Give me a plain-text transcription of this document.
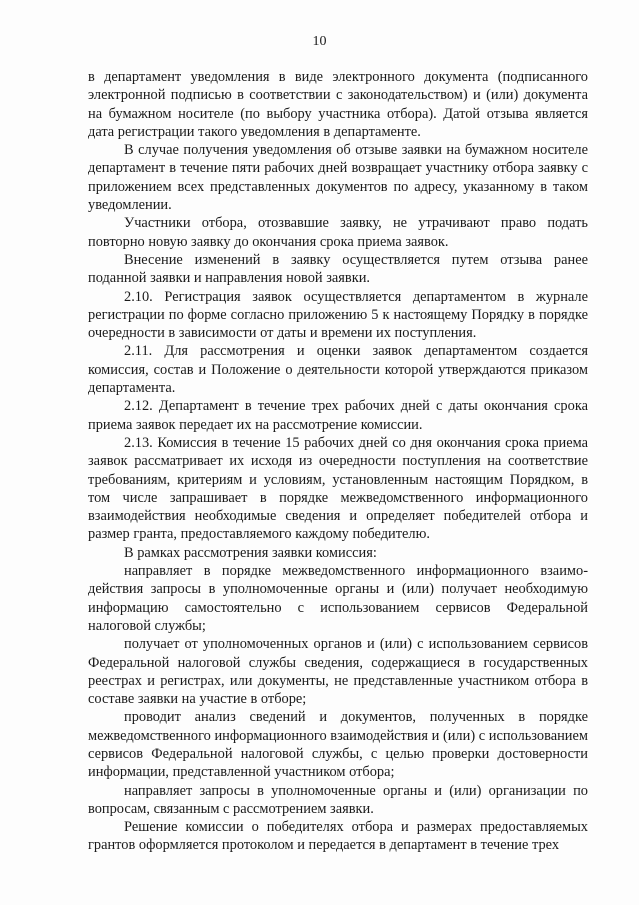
10

в департамент уведомления в виде электронного документа (подписанного электронной подписью в соответствии с законодательством) и (или) документа на бумажном носителе (по выбору участника отбора). Датой отзыва является дата регистрации такого уведомления в департаменте.

В случае получения уведомления об отзыве заявки на бумажном носителе департамент в течение пяти рабочих дней возвращает участнику отбора заявку с приложением всех представленных документов по адресу, указанному в таком уведомлении.

Участники отбора, отозвавшие заявку, не утрачивают право подать повторно новую заявку до окончания срока приема заявок.

Внесение изменений в заявку осуществляется путем отзыва ранее поданной заявки и направления новой заявки.

2.10. Регистрация заявок осуществляется департаментом в журнале регистрации по форме согласно приложению 5 к настоящему Порядку в порядке очередности в зависимости от даты и времени их поступления.

2.11. Для рассмотрения и оценки заявок департаментом создается комиссия, состав и Положение о деятельности которой утверждаются приказом департамента.

2.12. Департамент в течение трех рабочих дней с даты окончания срока приема заявок передает их на рассмотрение комиссии.

2.13. Комиссия в течение 15 рабочих дней со дня окончания срока приема заявок рассматривает их исходя из очередности поступления на соответствие требованиям, критериям и условиям, установленным настоящим Порядком, в том числе запрашивает в порядке межведомственного информационного взаимодействия необходимые сведения и определяет победителей отбора и размер гранта, предоставляемого каждому победителю.

В рамках рассмотрения заявки комиссия:

направляет в порядке межведомственного информационного взаимодействия запросы в уполномоченные органы и (или) получает необходимую информацию самостоятельно с использованием сервисов Федеральной налоговой службы;

получает от уполномоченных органов и (или) с использованием сервисов Федеральной налоговой службы сведения, содержащиеся в государственных реестрах и регистрах, или документы, не представленные участником отбора в составе заявки на участие в отборе;

проводит анализ сведений и документов, полученных в порядке межведомственного информационного взаимодействия и (или) с использованием сервисов Федеральной налоговой службы, с целью проверки достоверности информации, представленной участником отбора;

направляет запросы в уполномоченные органы и (или) организации по вопросам, связанным с рассмотрением заявки.

Решение комиссии о победителях отбора и размерах предоставляемых грантов оформляется протоколом и передается в департамент в течение трех
